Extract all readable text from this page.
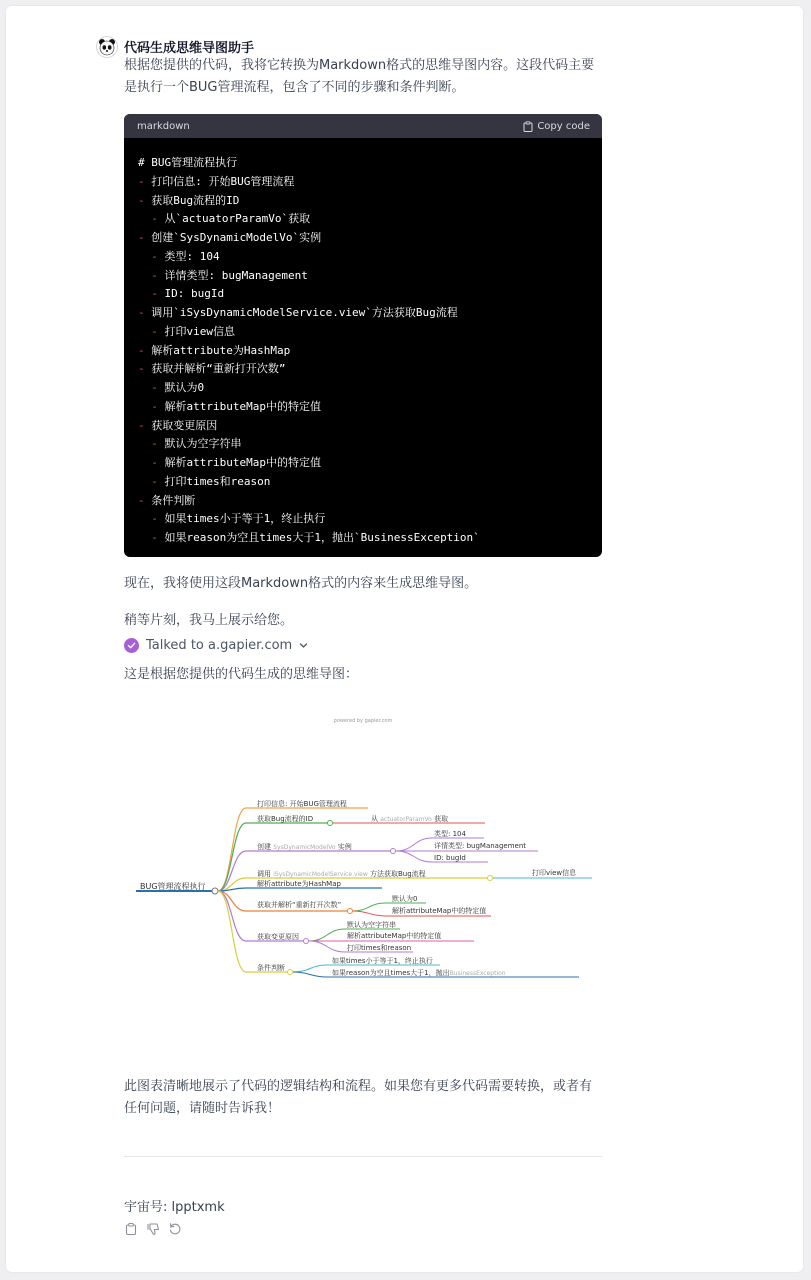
代码生成思维导图助手
根据您提供的代码，我将它转换为Markdown格式的思维导图内容。这段代码主要是执行一个BUG管理流程，包含了不同的步骤和条件判断。
markdown	Copy code
# BUG管理流程执行
- 打印信息: 开始BUG管理流程
- 获取Bug流程的ID
- 从`actuatorParamVo`获取
- 创建`SysDynamicModelVo`实例
- 类型: 104
- 详情类型: bugManagement
- ID: bugId
- 调用`iSysDynamicModelService.view`方法获取Bug流程
- 打印view信息
- 解析attribute为HashMap
- 获取并解析“重新打开次数”
- 默认为0
- 解析attributeMap中的特定值
- 获取变更原因
- 默认为空字符串
- 解析attributeMap中的特定值
- 打印times和reason
- 条件判断
- 如果times小于等于1，终止执行
- 如果reason为空且times大于1，抛出`BusinessException`
现在，我将使用这段Markdown格式的内容来生成思维导图。
稍等片刻，我马上展示给您。
Talked to a.gapier.com
这是根据您提供的代码生成的思维导图：
powered by gapier.com
BUG管理流程执行
打印信息: 开始BUG管理流程
获取Bug流程的ID
创建 SysDynamicModelVo 实例
调用 iSysDynamicModelService.view 方法获取Bug流程
解析attribute为HashMap
获取并解析“重新打开次数”
获取变更原因
条件判断
从 actuatorParamVo 获取
类型: 104
详情类型: bugManagement
ID: bugId
打印view信息
默认为0
解析attributeMap中的特定值
默认为空字符串
解析attributeMap中的特定值
打印times和reason
如果times小于等于1，终止执行
如果reason为空且times大于1，抛出BusinessException
此图表清晰地展示了代码的逻辑结构和流程。如果您有更多代码需要转换，或者有任何问题，请随时告诉我！
宇宙号: lpptxmk
